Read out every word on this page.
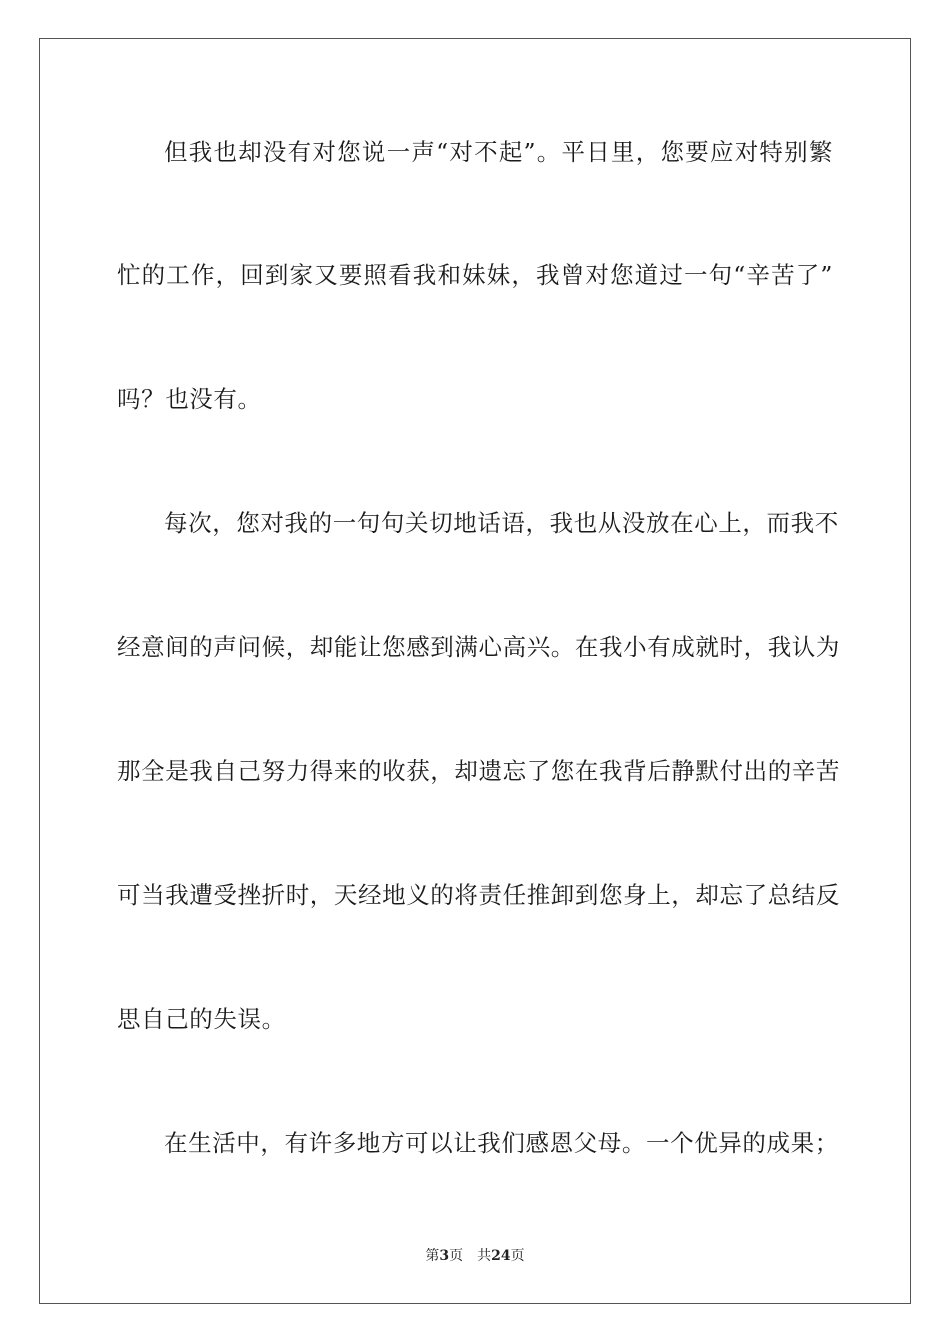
但我也却没有对您说一声“对不起”。平日里，您要应对特别繁
忙的工作，回到家又要照看我和妹妹，我曾对您道过一句“辛苦了”
吗？也没有。
每次，您对我的一句句关切地话语，我也从没放在心上，而我不
经意间的声问候，却能让您感到满心高兴。在我小有成就时，我认为
那全是我自己努力得来的收获，却遗忘了您在我背后静默付出的辛苦
可当我遭受挫折时，天经地义的将责任推卸到您身上，却忘了总结反
思自己的失误。
在生活中，有许多地方可以让我们感恩父母。一个优异的成果；
第3页 共24页
